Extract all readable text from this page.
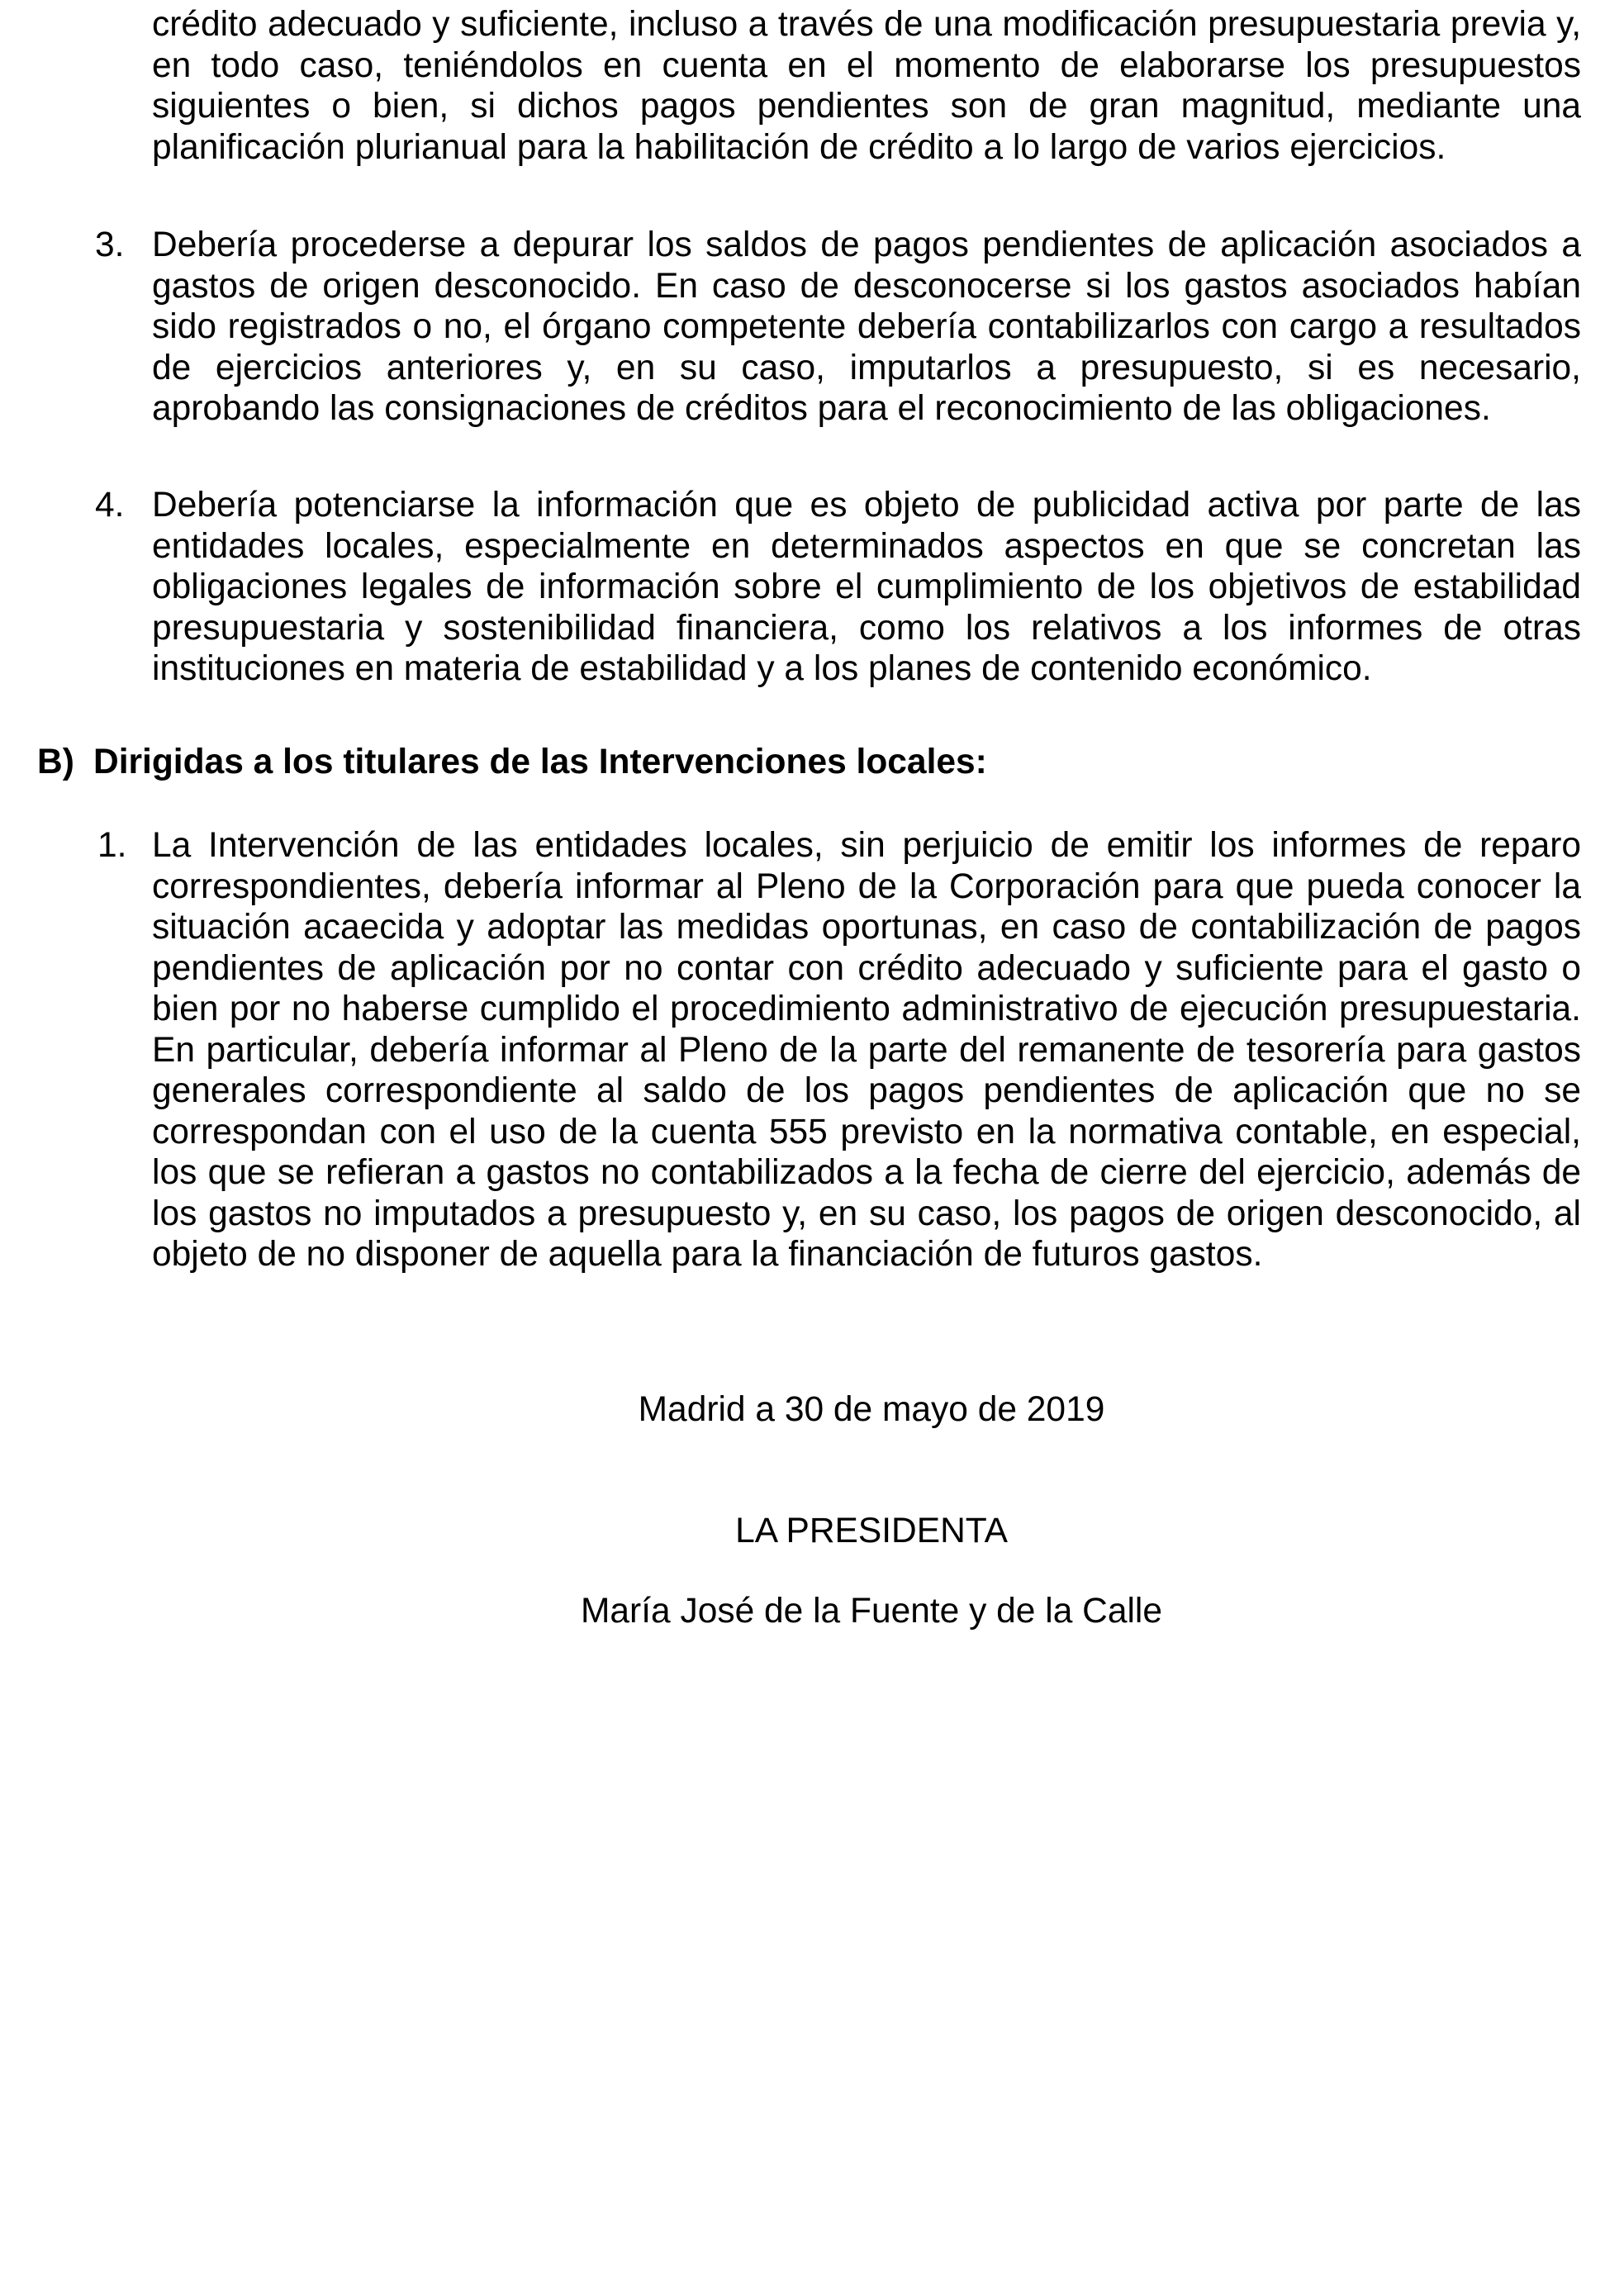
crédito adecuado y suficiente, incluso a través de una modificación presupuestaria previa y, en todo caso, teniéndolos en cuenta en el momento de elaborarse los presupuestos siguientes o bien, si dichos pagos pendientes son de gran magnitud, mediante una planificación plurianual para la habilitación de crédito a lo largo de varios ejercicios.

3. Debería procederse a depurar los saldos de pagos pendientes de aplicación asociados a gastos de origen desconocido. En caso de desconocerse si los gastos asociados habían sido registrados o no, el órgano competente debería contabilizarlos con cargo a resultados de ejercicios anteriores y, en su caso, imputarlos a presupuesto, si es necesario, aprobando las consignaciones de créditos para el reconocimiento de las obligaciones.

4. Debería potenciarse la información que es objeto de publicidad activa por parte de las entidades locales, especialmente en determinados aspectos en que se concretan las obligaciones legales de información sobre el cumplimiento de los objetivos de estabilidad presupuestaria y sostenibilidad financiera, como los relativos a los informes de otras instituciones en materia de estabilidad y a los planes de contenido económico.

B) Dirigidas a los titulares de las Intervenciones locales:
1. La Intervención de las entidades locales, sin perjuicio de emitir los informes de reparo correspondientes, debería informar al Pleno de la Corporación para que pueda conocer la situación acaecida y adoptar las medidas oportunas, en caso de contabilización de pagos pendientes de aplicación por no contar con crédito adecuado y suficiente para el gasto o bien por no haberse cumplido el procedimiento administrativo de ejecución presupuestaria. En particular, debería informar al Pleno de la parte del remanente de tesorería para gastos generales correspondiente al saldo de los pagos pendientes de aplicación que no se correspondan con el uso de la cuenta 555 previsto en la normativa contable, en especial, los que se refieran a gastos no contabilizados a la fecha de cierre del ejercicio, además de los gastos no imputados a presupuesto y, en su caso, los pagos de origen desconocido, al objeto de no disponer de aquella para la financiación de futuros gastos.

Madrid a 30 de mayo de 2019
LA PRESIDENTA
María José de la Fuente y de la Calle
